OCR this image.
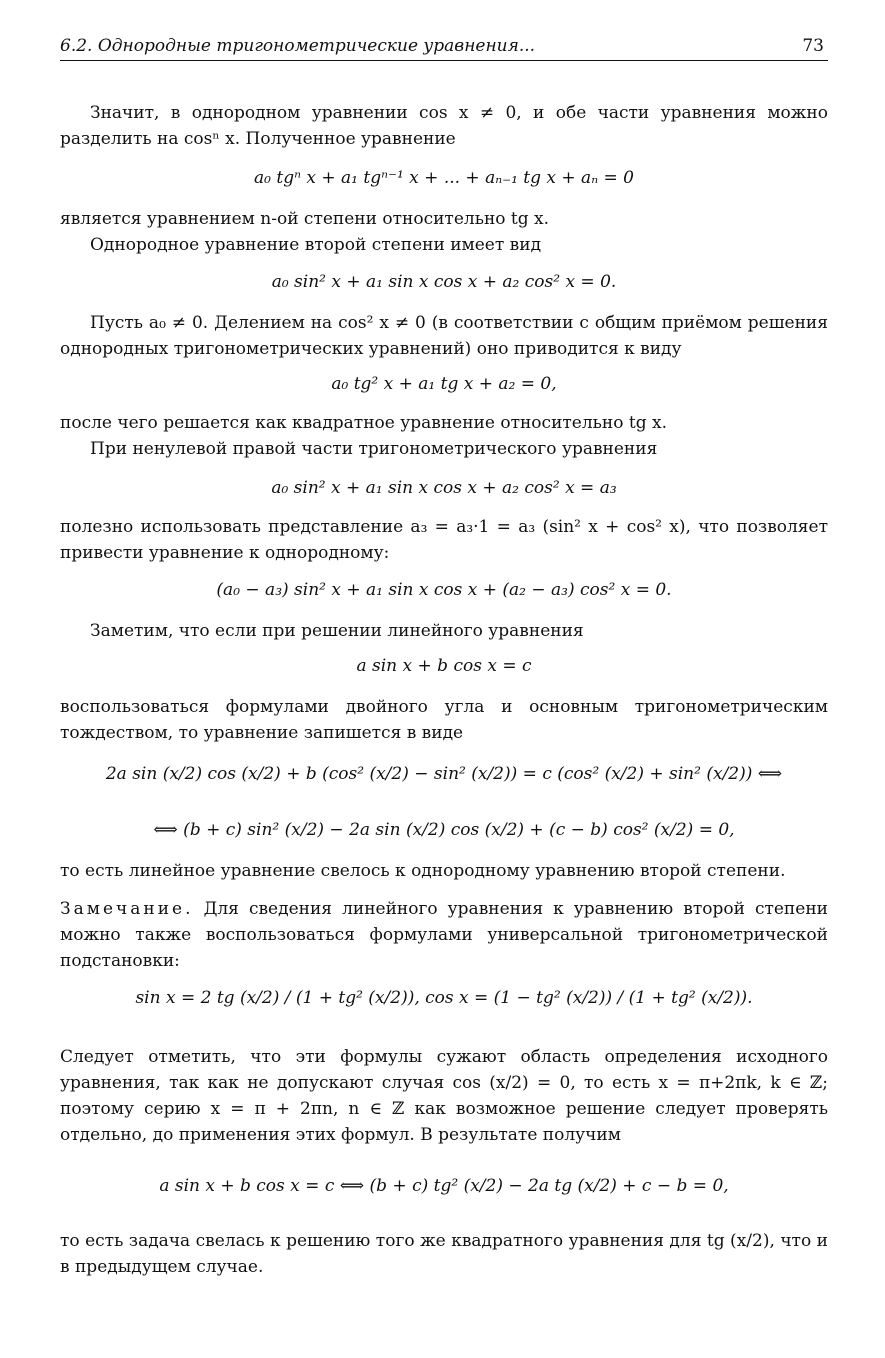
6.2. Однородные тригонометрические уравнения...	73
Значит, в однородном уравнении cos x ≠ 0, и обе части уравнения можно разделить на cosⁿ x. Полученное уравнение
a₀ tgⁿ x + a₁ tgⁿ⁻¹ x + ... + aₙ₋₁ tg x + aₙ = 0
является уравнением n-ой степени относительно tg x.
Однородное уравнение второй степени имеет вид
a₀ sin² x + a₁ sin x cos x + a₂ cos² x = 0.
Пусть a₀ ≠ 0. Делением на cos² x ≠ 0 (в соответствии с общим приёмом решения однородных тригонометрических уравнений) оно приводится к виду
a₀ tg² x + a₁ tg x + a₂ = 0,
после чего решается как квадратное уравнение относительно tg x.
При ненулевой правой части тригонометрического уравнения
a₀ sin² x + a₁ sin x cos x + a₂ cos² x = a₃
полезно использовать представление a₃ = a₃·1 = a₃ (sin² x + cos² x), что позволяет привести уравнение к однородному:
(a₀ − a₃) sin² x + a₁ sin x cos x + (a₂ − a₃) cos² x = 0.
Заметим, что если при решении линейного уравнения
a sin x + b cos x = c
воспользоваться формулами двойного угла и основным тригонометрическим тождеством, то уравнение запишется в виде
2a sin (x/2) cos (x/2) + b (cos² (x/2) − sin² (x/2)) = c (cos² (x/2) + sin² (x/2)) ⟺
⟺ (b + c) sin² (x/2) − 2a sin (x/2) cos (x/2) + (c − b) cos² (x/2) = 0,
то есть линейное уравнение свелось к однородному уравнению второй степени.
Замечание. Для сведения линейного уравнения к уравнению второй степени можно также воспользоваться формулами универсальной тригонометрической подстановки:
sin x = 2 tg (x/2) / (1 + tg² (x/2)), cos x = (1 − tg² (x/2)) / (1 + tg² (x/2)).
Следует отметить, что эти формулы сужают область определения исходного уравнения, так как не допускают случая cos (x/2) = 0, то есть x = π+2πk, k ∈ ℤ; поэтому серию x = π + 2πn, n ∈ ℤ как возможное решение следует проверять отдельно, до применения этих формул. В результате получим
a sin x + b cos x = c ⟺ (b + c) tg² (x/2) − 2a tg (x/2) + c − b = 0,
то есть задача свелась к решению того же квадратного уравнения для tg (x/2), что и в предыдущем случае.
